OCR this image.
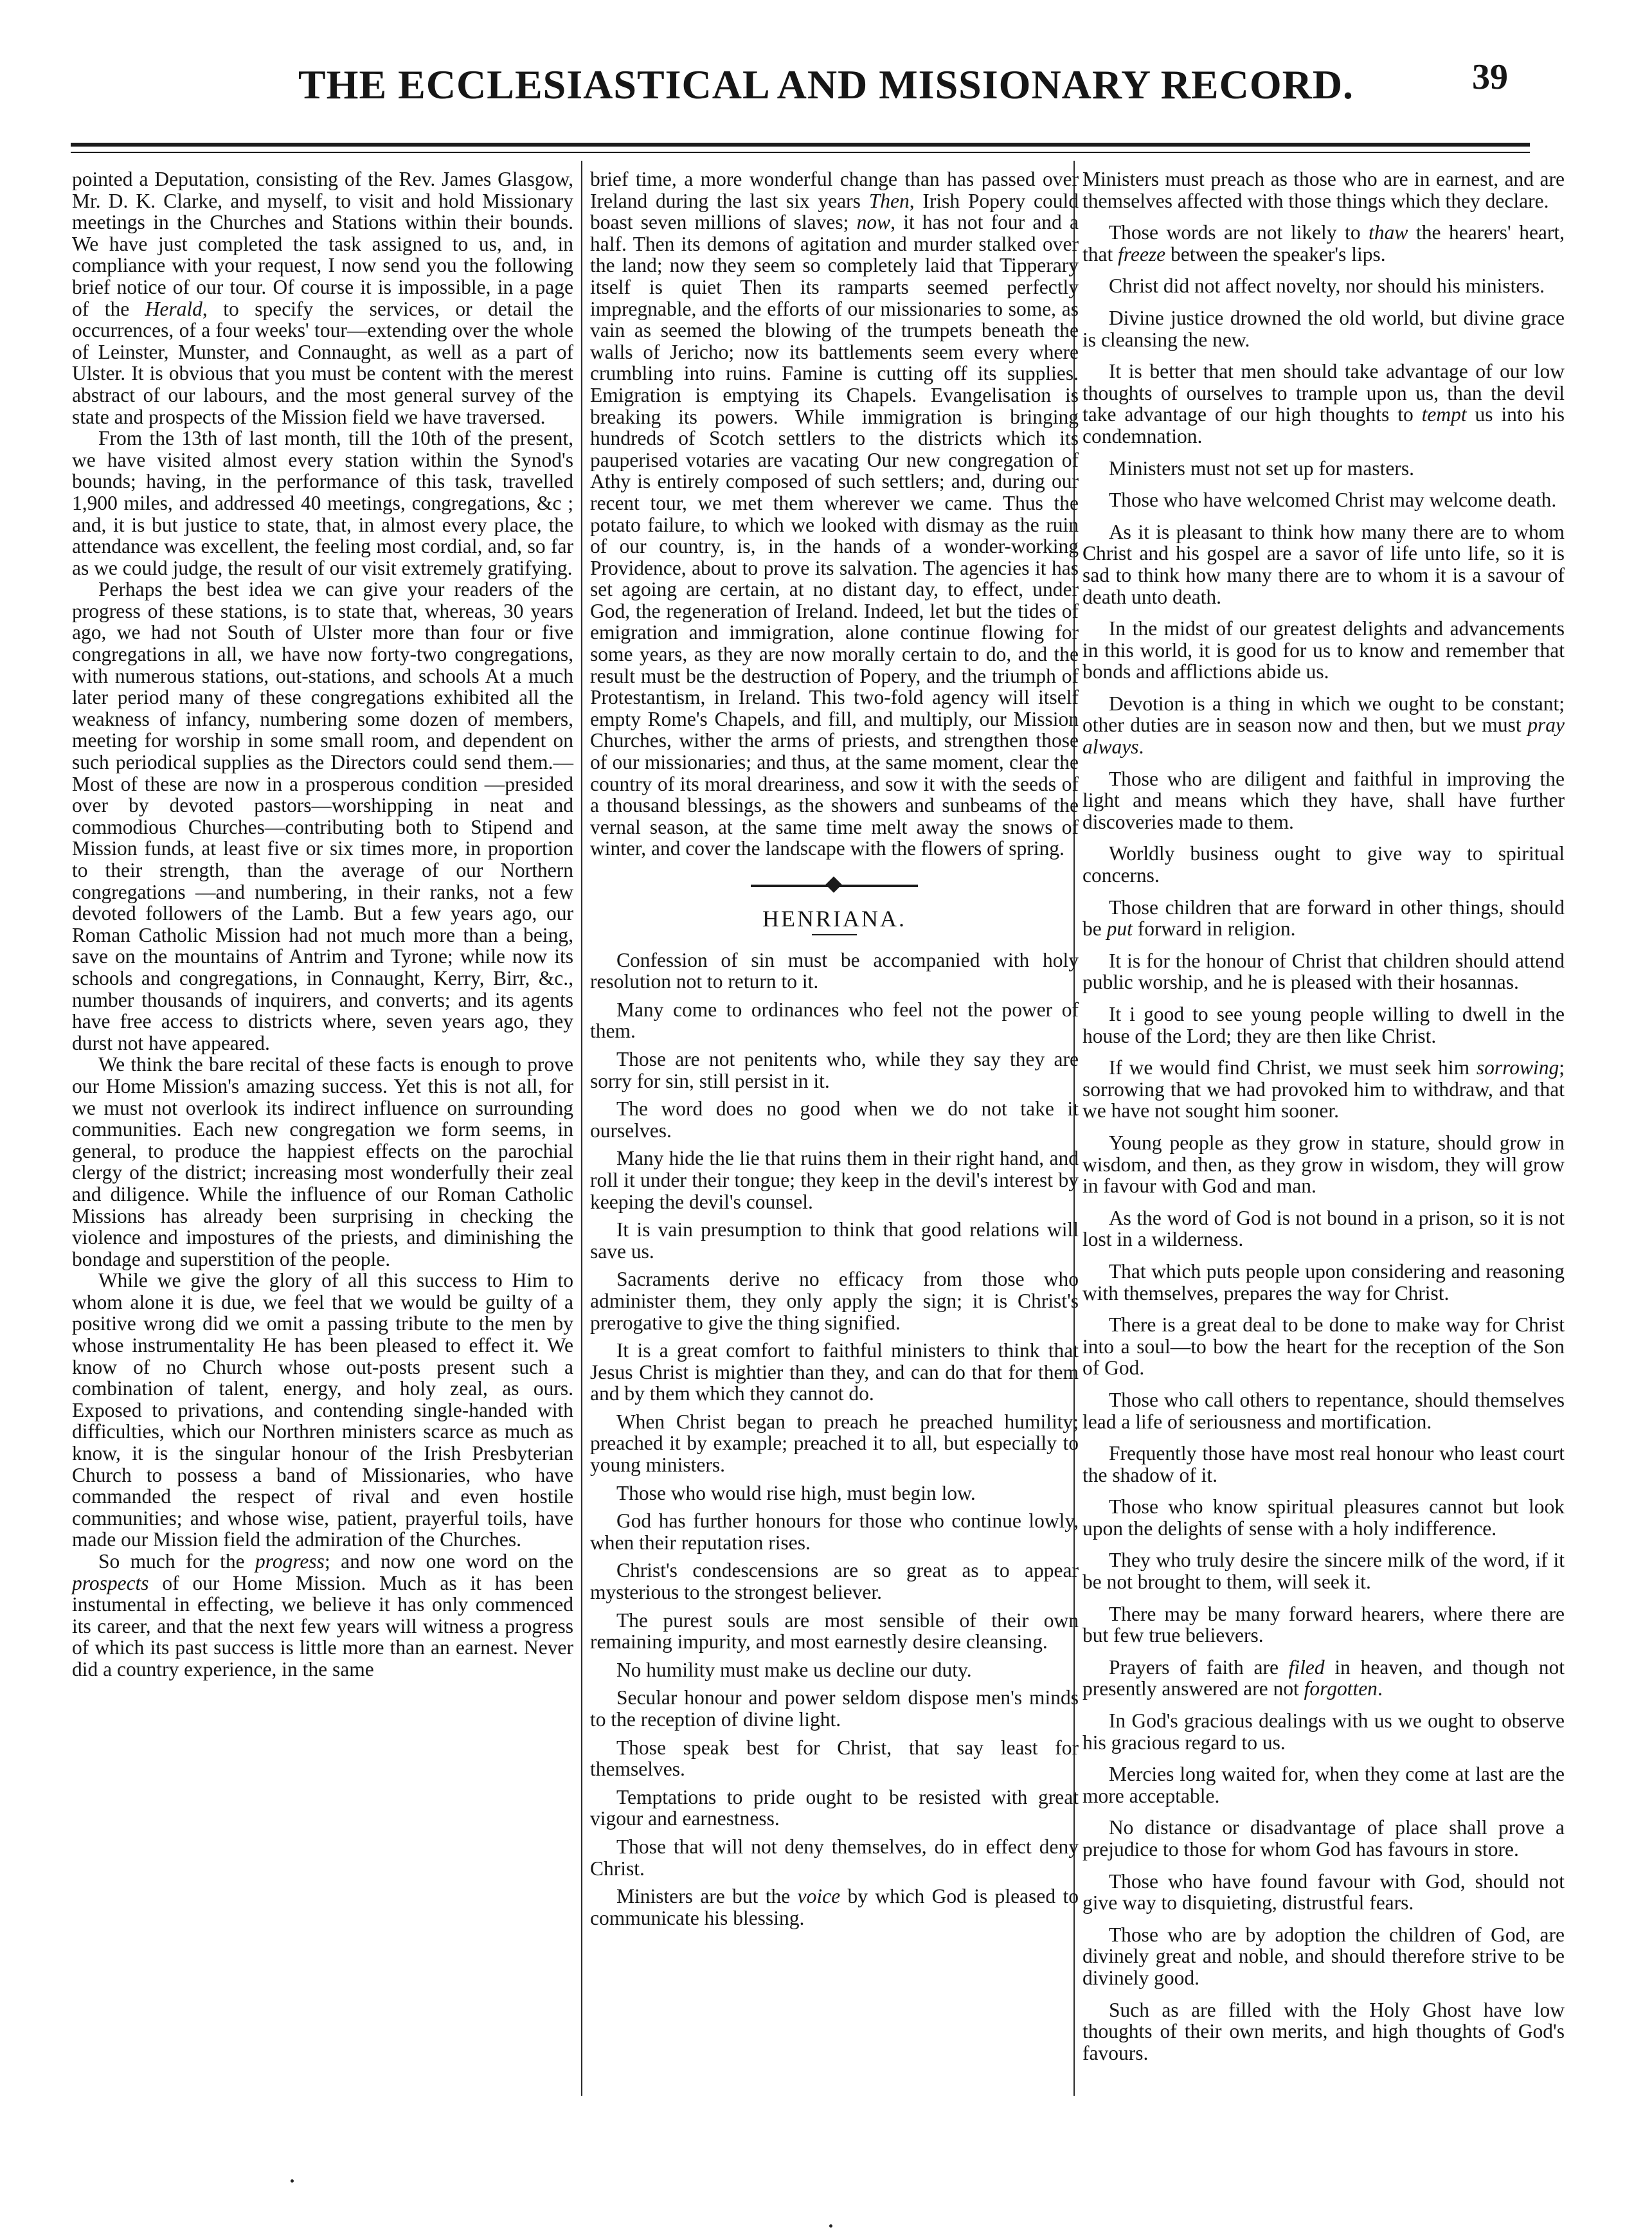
THE ECCLESIASTICAL AND MISSIONARY RECORD.	39

pointed a Deputation, consisting of the Rev. James Glasgow, Mr. D. K. Clarke, and myself, to visit and hold Missionary meetings in the Churches and Stations within their bounds. We have just completed the task assigned to us, and, in compliance with your request, I now send you the following brief notice of our tour. Of course it is impossible, in a page of the Herald, to specify the services, or detail the occurrences, of a four weeks' tour—extending over the whole of Leinster, Munster, and Connaught, as well as a part of Ulster. It is obvious that you must be content with the merest abstract of our labours, and the most general survey of the state and prospects of the Mission field we have traversed.

From the 13th of last month, till the 10th of the present, we have visited almost every station within the Synod's bounds; having, in the performance of this task, travelled 1,900 miles, and addressed 40 meetings, congregations, &c ; and, it is but justice to state, that, in almost every place, the attendance was excellent, the feeling most cordial, and, so far as we could judge, the result of our visit extremely gratifying.

Perhaps the best idea we can give your readers of the progress of these stations, is to state that, whereas, 30 years ago, we had not South of Ulster more than four or five congregations in all, we have now forty-two congregations, with numerous stations, out-stations, and schools At a much later period many of these congregations exhibited all the weakness of infancy, numbering some dozen of members, meeting for worship in some small room, and dependent on such periodical supplies as the Directors could send them.— Most of these are now in a prosperous condition —presided over by devoted pastors—worshipping in neat and commodious Churches—contributing both to Stipend and Mission funds, at least five or six times more, in proportion to their strength, than the average of our Northern congregations —and numbering, in their ranks, not a few devoted followers of the Lamb. But a few years ago, our Roman Catholic Mission had not much more than a being, save on the mountains of Antrim and Tyrone; while now its schools and congregations, in Connaught, Kerry, Birr, &c., number thousands of inquirers, and converts; and its agents have free access to districts where, seven years ago, they durst not have appeared.

We think the bare recital of these facts is enough to prove our Home Mission's amazing success. Yet this is not all, for we must not overlook its indirect influence on surrounding communities. Each new congregation we form seems, in general, to produce the happiest effects on the parochial clergy of the district; increasing most wonderfully their zeal and diligence. While the influence of our Roman Catholic Missions has already been surprising in checking the violence and impostures of the priests, and diminishing the bondage and superstition of the people.

While we give the glory of all this success to Him to whom alone it is due, we feel that we would be guilty of a positive wrong did we omit a passing tribute to the men by whose instrumentality He has been pleased to effect it. We know of no Church whose out-posts present such a combination of talent, energy, and holy zeal, as ours. Exposed to privations, and contending single-handed with difficulties, which our Northren ministers scarce as much as know, it is the singular honour of the Irish Presbyterian Church to possess a band of Missionaries, who have commanded the respect of rival and even hostile communities; and whose wise, patient, prayerful toils, have made our Mission field the admiration of the Churches.

So much for the progress; and now one word on the prospects of our Home Mission. Much as it has been instumental in effecting, we believe it has only commenced its career, and that the next few years will witness a progress of which its past success is little more than an earnest. Never did a country experience, in the same

brief time, a more wonderful change than has passed over Ireland during the last six years Then, Irish Popery could boast seven millions of slaves; now, it has not four and a half. Then its demons of agitation and murder stalked over the land; now they seem so completely laid that Tipperary itself is quiet Then its ramparts seemed perfectly impregnable, and the efforts of our missionaries to some, as vain as seemed the blowing of the trumpets beneath the walls of Jericho; now its battlements seem every where crumbling into ruins. Famine is cutting off its supplies. Emigration is emptying its Chapels. Evangelisation is breaking its powers. While immigration is bringing hundreds of Scotch settlers to the districts which its pauperised votaries are vacating Our new congregation of Athy is entirely composed of such settlers; and, during our recent tour, we met them wherever we came. Thus the potato failure, to which we looked with dismay as the ruin of our country, is, in the hands of a wonder-working Providence, about to prove its salvation. The agencies it has set agoing are certain, at no distant day, to effect, under God, the regeneration of Ireland. Indeed, let but the tides of emigration and immigration, alone continue flowing for some years, as they are now morally certain to do, and the result must be the destruction of Popery, and the triumph of Protestantism, in Ireland. This two-fold agency will itself empty Rome's Chapels, and fill, and multiply, our Mission Churches, wither the arms of priests, and strengthen those of our missionaries; and thus, at the same moment, clear the country of its moral dreariness, and sow it with the seeds of a thousand blessings, as the showers and sunbeams of the vernal season, at the same time melt away the snows of winter, and cover the landscape with the flowers of spring.

HENRIANA.

Confession of sin must be accompanied with holy resolution not to return to it.

Many come to ordinances who feel not the power of them.

Those are not penitents who, while they say they are sorry for sin, still persist in it.

The word does no good when we do not take it ourselves.

Many hide the lie that ruins them in their right hand, and roll it under their tongue; they keep in the devil's interest by keeping the devil's counsel.

It is vain presumption to think that good relations will save us.

Sacraments derive no efficacy from those who administer them, they only apply the sign; it is Christ's prerogative to give the thing signified.

It is a great comfort to faithful ministers to think that Jesus Christ is mightier than they, and can do that for them and by them which they cannot do.

When Christ began to preach he preached humility; preached it by example; preached it to all, but especially to young ministers.

Those who would rise high, must begin low.

God has further honours for those who continue lowly, when their reputation rises.

Christ's condescensions are so great as to appear mysterious to the strongest believer.

The purest souls are most sensible of their own remaining impurity, and most earnestly desire cleansing.

No humility must make us decline our duty.

Secular honour and power seldom dispose men's minds to the reception of divine light.

Those speak best for Christ, that say least for themselves.

Temptations to pride ought to be resisted with great vigour and earnestness.

Those that will not deny themselves, do in effect deny Christ.

Ministers are but the voice by which God is pleased to communicate his blessing.

Ministers must preach as those who are in earnest, and are themselves affected with those things which they declare.

Those words are not likely to thaw the hearers' heart, that freeze between the speaker's lips.

Christ did not affect novelty, nor should his ministers.

Divine justice drowned the old world, but divine grace is cleansing the new.

It is better that men should take advantage of our low thoughts of ourselves to trample upon us, than the devil take advantage of our high thoughts to tempt us into his condemnation.

Ministers must not set up for masters.

Those who have welcomed Christ may welcome death.

As it is pleasant to think how many there are to whom Christ and his gospel are a savor of life unto life, so it is sad to think how many there are to whom it is a savour of death unto death.

In the midst of our greatest delights and advancements in this world, it is good for us to know and remember that bonds and afflictions abide us.

Devotion is a thing in which we ought to be constant; other duties are in season now and then, but we must pray always.

Those who are diligent and faithful in improving the light and means which they have, shall have further discoveries made to them.

Worldly business ought to give way to spiritual concerns.

Those children that are forward in other things, should be put forward in religion.

It is for the honour of Christ that children should attend public worship, and he is pleased with their hosannas.

It i good to see young people willing to dwell in the house of the Lord; they are then like Christ.

If we would find Christ, we must seek him sorrowing; sorrowing that we had provoked him to withdraw, and that we have not sought him sooner.

Young people as they grow in stature, should grow in wisdom, and then, as they grow in wisdom, they will grow in favour with God and man.

As the word of God is not bound in a prison, so it is not lost in a wilderness.

That which puts people upon considering and reasoning with themselves, prepares the way for Christ.

There is a great deal to be done to make way for Christ into a soul—to bow the heart for the reception of the Son of God.

Those who call others to repentance, should themselves lead a life of seriousness and mortification.

Frequently those have most real honour who least court the shadow of it.

Those who know spiritual pleasures cannot but look upon the delights of sense with a holy indifference.

They who truly desire the sincere milk of the word, if it be not brought to them, will seek it.

There may be many forward hearers, where there are but few true believers.

Prayers of faith are filed in heaven, and though not presently answered are not forgotten.

In God's gracious dealings with us we ought to observe his gracious regard to us.

Mercies long waited for, when they come at last are the more acceptable.

No distance or disadvantage of place shall prove a prejudice to those for whom God has favours in store.

Those who have found favour with God, should not give way to disquieting, distrustful fears.

Those who are by adoption the children of God, are divinely great and noble, and should therefore strive to be divinely good.

Such as are filled with the Holy Ghost have low thoughts of their own merits, and high thoughts of God's favours.
